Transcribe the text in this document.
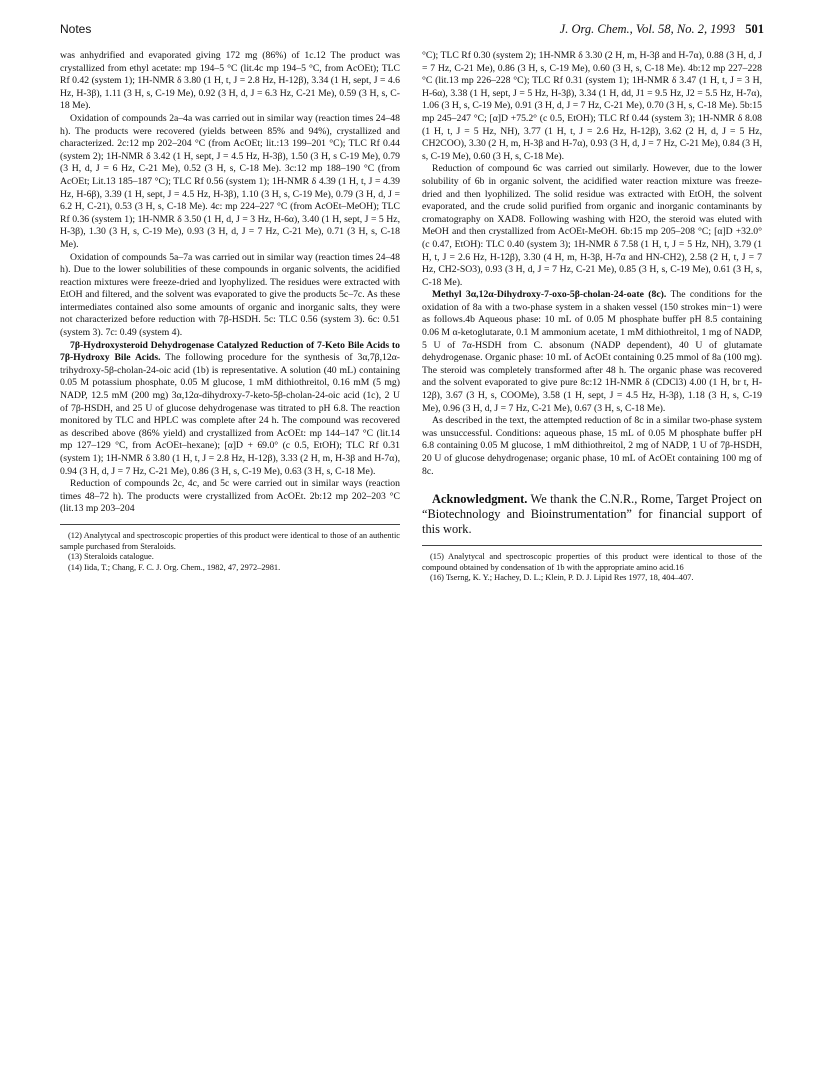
Notes	J. Org. Chem., Vol. 58, No. 2, 1993 501

was anhydrified and evaporated giving 172 mg (86%) of 1c.12 The product was crystallized from ethyl acetate: mp 194–5 °C (lit.4c mp 194–5 °C, from AcOEt); TLC Rf 0.42 (system 1); 1H-NMR δ 3.80 (1 H, t, J = 2.8 Hz, H-12β), 3.34 (1 H, sept, J = 4.6 Hz, H-3β), 1.11 (3 H, s, C-19 Me), 0.92 (3 H, d, J = 6.3 Hz, C-21 Me), 0.59 (3 H, s, C-18 Me).

Oxidation of compounds 2a–4a was carried out in similar way (reaction times 24–48 h). The products were recovered (yields between 85% and 94%), crystallized and characterized. 2c:12 mp 202–204 °C (from AcOEt; lit.:13 199–201 °C); TLC Rf 0.44 (system 2); 1H-NMR δ 3.42 (1 H, sept, J = 4.5 Hz, H-3β), 1.50 (3 H, s C-19 Me), 0.79 (3 H, d, J = 6 Hz, C-21 Me), 0.52 (3 H, s, C-18 Me). 3c:12 mp 188–190 °C (from AcOEt; Lit.13 185–187 °C); TLC Rf 0.56 (system 1); 1H-NMR δ 4.39 (1 H, t, J = 4.39 Hz, H-6β), 3.39 (1 H, sept, J = 4.5 Hz, H-3β), 1.10 (3 H, s, C-19 Me), 0.79 (3 H, d, J = 6.2 H, C-21), 0.53 (3 H, s, C-18 Me). 4c: mp 224–227 °C (from AcOEt–MeOH); TLC Rf 0.36 (system 1); 1H-NMR δ 3.50 (1 H, d, J = 3 Hz, H-6α), 3.40 (1 H, sept, J = 5 Hz, H-3β), 1.30 (3 H, s, C-19 Me), 0.93 (3 H, d, J = 7 Hz, C-21 Me), 0.71 (3 H, s, C-18 Me).

Oxidation of compounds 5a–7a was carried out in similar way (reaction times 24–48 h). Due to the lower solubilities of these compounds in organic solvents, the acidified reaction mixtures were freeze-dried and lyophylized. The residues were extracted with EtOH and filtered, and the solvent was evaporated to give the products 5c–7c. As these intermediates contained also some amounts of organic and inorganic salts, they were not characterized before reduction with 7β-HSDH. 5c: TLC 0.56 (system 3). 6c: 0.51 (system 3). 7c: 0.49 (system 4).

7β-Hydroxysteroid Dehydrogenase Catalyzed Reduction of 7-Keto Bile Acids to 7β-Hydroxy Bile Acids. The following procedure for the synthesis of 3α,7β,12α-trihydroxy-5β-cholan-24-oic acid (1b) is representative. A solution (40 mL) containing 0.05 M potassium phosphate, 0.05 M glucose, 1 mM dithiothreitol, 0.16 mM (5 mg) NADP, 12.5 mM (200 mg) 3α,12α-dihydroxy-7-keto-5β-cholan-24-oic acid (1c), 2 U of 7β-HSDH, and 25 U of glucose dehydrogenase was titrated to pH 6.8. The reaction monitored by TLC and HPLC was complete after 24 h. The compound was recovered as described above (86% yield) and crystallized from AcOEt: mp 144–147 °C (lit.14 mp 127–129 °C, from AcOEt–hexane); [α]D + 69.0° (c 0.5, EtOH); TLC Rf 0.31 (system 1); 1H-NMR δ 3.80 (1 H, t, J = 2.8 Hz, H-12β), 3.33 (2 H, m, H-3β and H-7α), 0.94 (3 H, d, J = 7 Hz, C-21 Me), 0.86 (3 H, s, C-19 Me), 0.63 (3 H, s, C-18 Me).

Reduction of compounds 2c, 4c, and 5c were carried out in similar ways (reaction times 48–72 h). The products were crystallized from AcOEt. 2b:12 mp 202–203 °C (lit.13 mp 203–204

(12) Analytycal and spectroscopic properties of this product were identical to those of an authentic sample purchased from Steraloids.

(13) Steraloids catalogue.

(14) Iida, T.; Chang, F. C. J. Org. Chem., 1982, 47, 2972–2981.

°C); TLC Rf 0.30 (system 2); 1H-NMR δ 3.30 (2 H, m, H-3β and H-7α), 0.88 (3 H, d, J = 7 Hz, C-21 Me), 0.86 (3 H, s, C-19 Me), 0.60 (3 H, s, C-18 Me). 4b:12 mp 227–228 °C (lit.13 mp 226–228 °C); TLC Rf 0.31 (system 1); 1H-NMR δ 3.47 (1 H, t, J = 3 H, H-6α), 3.38 (1 H, sept, J = 5 Hz, H-3β), 3.34 (1 H, dd, J1 = 9.5 Hz, J2 = 5.5 Hz, H-7α), 1.06 (3 H, s, C-19 Me), 0.91 (3 H, d, J = 7 Hz, C-21 Me), 0.70 (3 H, s, C-18 Me). 5b:15 mp 245–247 °C; [α]D +75.2° (c 0.5, EtOH); TLC Rf 0.44 (system 3); 1H-NMR δ 8.08 (1 H, t, J = 5 Hz, NH), 3.77 (1 H, t, J = 2.6 Hz, H-12β), 3.62 (2 H, d, J = 5 Hz, CH2COO), 3.30 (2 H, m, H-3β and H-7α), 0.93 (3 H, d, J = 7 Hz, C-21 Me), 0.84 (3 H, s, C-19 Me), 0.60 (3 H, s, C-18 Me).

Reduction of compound 6c was carried out similarly. However, due to the lower solubility of 6b in organic solvent, the acidified water reaction mixture was freeze-dried and then lyophilized. The solid residue was extracted with EtOH, the solvent evaporated, and the crude solid purified from organic and inorganic contaminants by cromatography on XAD8. Following washing with H2O, the steroid was eluted with MeOH and then crystallized from AcOEt-MeOH. 6b:15 mp 205–208 °C; [α]D +32.0° (c 0.47, EtOH): TLC 0.40 (system 3); 1H-NMR δ 7.58 (1 H, t, J = 5 Hz, NH), 3.79 (1 H, t, J = 2.6 Hz, H-12β), 3.30 (4 H, m, H-3β, H-7α and HN-CH2), 2.58 (2 H, t, J = 7 Hz, CH2-SO3), 0.93 (3 H, d, J = 7 Hz, C-21 Me), 0.85 (3 H, s, C-19 Me), 0.61 (3 H, s, C-18 Me).

Methyl 3α,12α-Dihydroxy-7-oxo-5β-cholan-24-oate (8c). The conditions for the oxidation of 8a with a two-phase system in a shaken vessel (150 strokes min−1) were as follows.4b Aqueous phase: 10 mL of 0.05 M phosphate buffer pH 8.5 containing 0.06 M α-ketoglutarate, 0.1 M ammonium acetate, 1 mM dithiothreitol, 1 mg of NADP, 5 U of 7α-HSDH from C. absonum (NADP dependent), 40 U of glutamate dehydrogenase. Organic phase: 10 mL of AcOEt containing 0.25 mmol of 8a (100 mg). The steroid was completely transformed after 48 h. The organic phase was recovered and the solvent evaporated to give pure 8c:12 1H-NMR δ (CDCl3) 4.00 (1 H, br t, H-12β), 3.67 (3 H, s, COOMe), 3.58 (1 H, sept, J = 4.5 Hz, H-3β), 1.18 (3 H, s, C-19 Me), 0.96 (3 H, d, J = 7 Hz, C-21 Me), 0.67 (3 H, s, C-18 Me).

As described in the text, the attempted reduction of 8c in a similar two-phase system was unsuccessful. Conditions: aqueous phase, 15 mL of 0.05 M phosphate buffer pH 6.8 containing 0.05 M glucose, 1 mM dithiothreitol, 2 mg of NADP, 1 U of 7β-HSDH, 20 U of glucose dehydrogenase; organic phase, 10 mL of AcOEt containing 100 mg of 8c.

Acknowledgment. We thank the C.N.R., Rome, Target Project on “Biotechnology and Bioinstrumentation” for financial support of this work.

(15) Analytycal and spectroscopic properties of this product were identical to those of the compound obtained by condensation of 1b with the appropriate amino acid.16

(16) Tserng, K. Y.; Hachey, D. L.; Klein, P. D. J. Lipid Res 1977, 18, 404–407.
